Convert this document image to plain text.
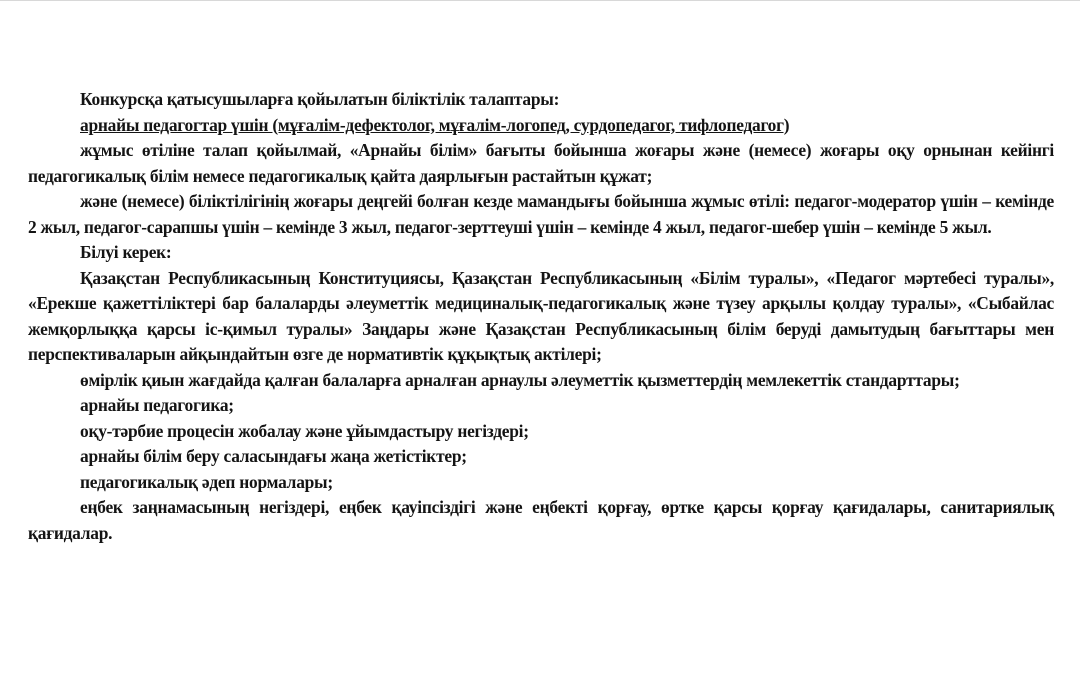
Конкурсқа қатысушыларға қойылатын біліктілік талаптары:

арнайы педагогтар үшін (мұғалім-дефектолог, мұғалім-логопед, сурдопедагог, тифлопедагог)

жұмыс өтіліне талап қойылмай, «Арнайы білім» бағыты бойынша жоғары және (немесе) жоғары оқу орнынан кейінгі педагогикалық білім немесе педагогикалық қайта даярлығын растайтын құжат;

және (немесе) біліктілігінің жоғары деңгейі болған кезде мамандығы бойынша жұмыс өтілі: педагог-модератор үшін – кемінде 2 жыл, педагог-сарапшы үшін – кемінде 3 жыл, педагог-зерттеуші үшін – кемінде 4 жыл, педагог-шебер үшін – кемінде 5 жыл.

Білуі керек:

Қазақстан Республикасының Конституциясы, Қазақстан Республикасының «Білім туралы», «Педагог мәртебесі туралы», «Ерекше қажеттіліктері бар балаларды әлеуметтік медициналық-педагогикалық және түзеу арқылы қолдау туралы», «Сыбайлас жемқорлыққа қарсы іс-қимыл туралы» Заңдары және Қазақстан Республикасының білім беруді дамытудың бағыттары мен перспективаларын айқындайтын өзге де нормативтік құқықтық актілері;

өмірлік қиын жағдайда қалған балаларға арналған арнаулы әлеуметтік қызметтердің мемлекеттік стандарттары;

арнайы педагогика;

оқу-тәрбие процесін жобалау және ұйымдастыру негіздері;

арнайы білім беру саласындағы жаңа жетістіктер;

педагогикалық әдеп нормалары;

еңбек заңнамасының негіздері, еңбек қауіпсіздігі және еңбекті қорғау, өртке қарсы қорғау қағидалары, санитариялық қағидалар.
